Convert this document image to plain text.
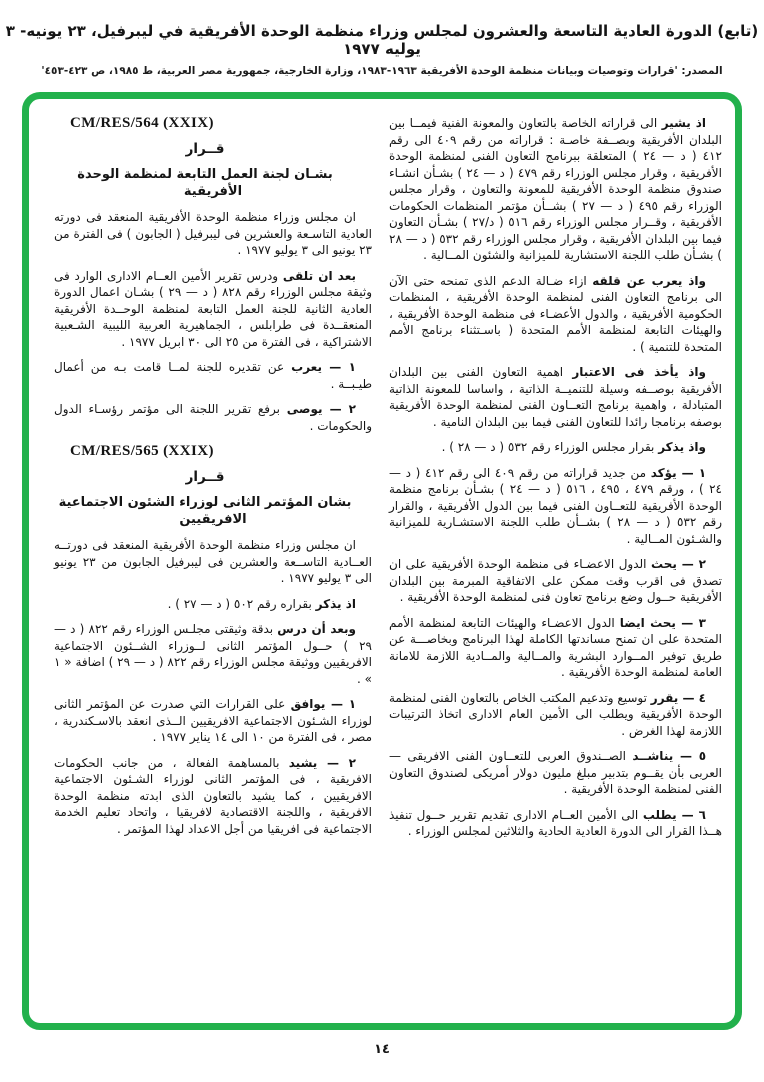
(تابع) الدورة العادية التاسعة والعشرون لمجلس وزراء منظمة الوحدة الأفريقية في ليبرفيل، ٢٣ يونيه- ٣ يوليه ١٩٧٧
المصدر: 'قرارات وتوصيات وبيانات منظمة الوحدة الأفريقية ١٩٦٣-١٩٨٣، وزارة الخارجية، جمهورية مصر العربية، ط ١٩٨٥، ص ٤٢٣-٤٥٣'

اذ يشير الى قراراته الخاصة بالتعاون والمعونة الفنية فيمــا بين البلدان الأفريقية وبصــفة خاصـة : قراراته من رقم ٤٠٩ الى رقم ٤١٢ ( د — ٢٤ ) المتعلقة ببرنامج التعاون الفنى لمنظمة الوحدة الأفريقية ، وقرار مجلس الوزراء رقم ٤٧٩ ( د — ٢٤ ) بشـأن انشـاء صندوق منظمة الوحدة الأفريقية للمعونة والتعاون ، وقرار مجلس الوزراء رقم ٤٩٥ ( د — ٢٧ ) بشــأن مؤتمر المنظمات الحكومات الأفريقية ، وقــرار مجلس الوزراء رقم ٥١٦ ( د/٢٧ ) بشـأن التعاون فيما بين البلدان الأفريقية ، وقرار مجلس الوزراء رقم ٥٣٢ ( د — ٢٨ ) بشـأن طلب اللجنة الاستشارية للميزانية والشئون المــالية .

واذ يعرب عن قلقه ازاء ضـالة الدعم الذى تمنحه حتى الآن الى برنامج التعاون الفنى لمنظمة الوحدة الأفريقية ، المنظمات الحكومية الأفريقية ، والدول الأعضـاء فى منظمة الوحدة الأفريقية ، والهيئات التابعة لمنظمة الأمم المتحدة ( باسـتثناء برنامج الأمم المتحدة للتنمية ) .

واذ يأخذ فى الاعتبار اهمية التعاون الفنى بين البلدان الأفريقية بوصــفه وسيلة للتنميــة الذاتية ، واساسا للمعونة الذاتية المتبادلة ، واهمية برنامج التعــاون الفنى لمنظمة الوحدة الأفريقية بوصفه برنامجا رائدا للتعاون الفنى فيما بين البلدان النامية .

واذ يذكر بقرار مجلس الوزراء رقم ٥٣٢ ( د — ٢٨ ) .

١ — يؤكد من جديد قراراته من رقم ٤٠٩ الى رقم ٤١٢ ( د — ٢٤ ) ، ورقم ٤٧٩ ، ٤٩٥ ، ٥١٦ ( د — ٢٤ ) بشـأن برنامج منظمة الوحدة الأفريقية للتعــاون الفنى فيما بين الدول الأفريقية ، والقرار رقم ٥٣٢ ( د — ٢٨ ) بشــأن طلب اللجنة الاستشـارية للميزانية والشـئون المــالية .

٢ — يحث الدول الاعضـاء فى منظمة الوحدة الأفريقية على ان تصدق فى اقرب وقت ممكن على الاتفاقية المبرمة بين البلدان الأفريقية حــول وضع برنامج تعاون فنى لمنظمة الوحدة الأفريقية .

٣ — يحث ايضا الدول الاعضـاء والهيئات التابعة لمنظمة الأمم المتحدة على ان تمنح مساندتها الكاملة لهذا البرنامج وبخاصـــة عن طريق توفير المــوارد البشرية والمــالية والمــادية اللازمة للامانة العامة لمنظمة الوحدة الأفريقية .

٤ — يقرر توسيع وتدعيم المكتب الخاص بالتعاون الفنى لمنظمة الوحدة الأفريقية ويطلب الى الأمين العام الادارى اتخاذ الترتيبات اللازمة لهذا الغرض .

٥ — يناشــد الصــندوق العربى للتعــاون الفنى الافريقى — العربى بأن يقــوم بتدبير مبلغ مليون دولار أمريكى لصندوق التعاون الفنى لمنظمة الوحدة الأفريقية .

٦ — يطلب الى الأمين العــام الادارى تقديم تقرير حــول تنفيذ هــذا القرار الى الدورة العادية الحادية والثلاثين لمجلس الوزراء .

CM/RES/564 (XXIX)

قــرار

بشـان لجنة العمل التابعة لمنظمة الوحدة الأفريقية

ان مجلس وزراء منظمة الوحدة الأفريقية المنعقد فى دورته العادية التاسـعة والعشرين فى ليبرفيل ( الجابون ) فى الفترة من ٢٣ يونيو الى ٣ يوليو ١٩٧٧ .

بعد ان تلقى ودرس تقرير الأمين العــام الادارى الوارد فى وثيقة مجلس الوزراء رقم ٨٢٨ ( د — ٢٩ ) بشـان اعمال الدورة العادية الثانية للجنة العمل التابعة لمنظمة الوحــدة الأفريقية المنعقــدة فى طرابلس ، الجماهيرية العربية الليبية الشـعبية الاشتراكية ، فى الفترة من ٢٥ الى ٣٠ ابريل ١٩٧٧ .

١ — يعرب عن تقديره للجنة لمــا قامت بـه من أعمال طيـبــة .

٢ — يوصى برفع تقرير اللجنة الى مؤتمر رؤسـاء الدول والحكومات .

CM/RES/565 (XXIX)

قــرار

بشان المؤتمر الثانى لوزراء الشئون الاجتماعية الافريقيين

ان مجلس وزراء منظمة الوحدة الأفريقية المنعقد فى دورتــه العــادية التاســعة والعشرين فى ليبرفيل الجابون من ٢٣ يونيو الى ٣ يوليو ١٩٧٧ .

اذ يذكر بقراره رقم ٥٠٢ ( د — ٢٧ ) .

وبعد أن درس بدقة وثيقتى مجلـس الوزراء رقم ٨٢٢ ( د — ٢٩ ) حــول المؤتمر الثانى لــوزراء الشــئون الاجتماعية الافريقيين ووثيقة مجلس الوزراء رقم ٨٢٢ ( د — ٢٩ ) اضافة « ١ » .

١ — يوافق على القرارات التي صدرت عن المؤتمر الثانى لوزراء الشـئون الاجتماعية الافريقيين الــذى انعقد بالاسـكندرية ، مصر ، فى الفترة من ١٠ الى ١٤ يناير ١٩٧٧ .

٢ — يشيد بالمساهمة الفعالة ، من جانب الحكومات الافريقية ، فى المؤتمر الثانى لوزراء الشـئون الاجتماعية الافريقيين ، كما يشيد بالتعاون الذى ابدته منظمة الوحدة الافريقية ، واللجنة الاقتصادية لافريقيا ، واتحاد تعليم الخدمة الاجتماعية فى افريقيا من أجل الاعداد لهذا المؤتمر .

١٤
